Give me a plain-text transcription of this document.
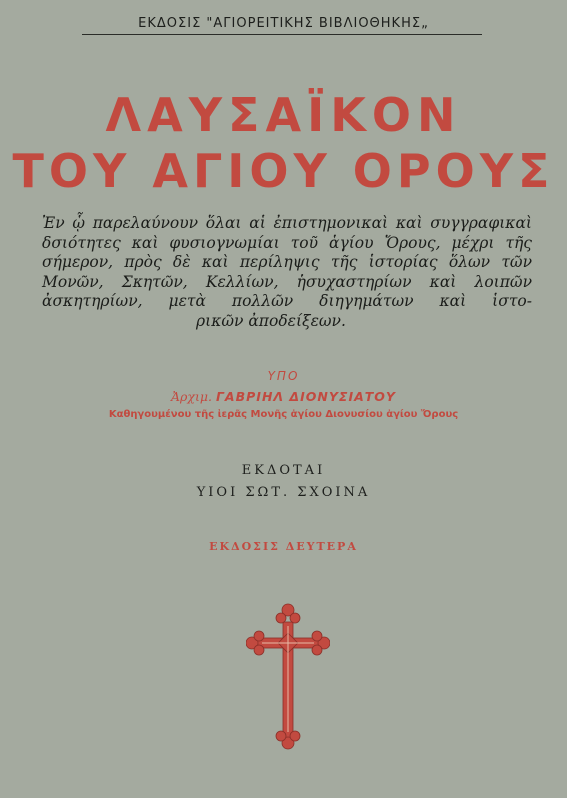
ΕΚΔΟΣΙΣ "ΑΓΙΟΡΕΙΤΙΚΗΣ ΒΙΒΛΙΟΘΗΚΗΣ„
ΛΑΥΣΑΪΚΟΝ
ΤΟΥ ΑΓΙΟΥ ΟΡΟΥΣ
Ἐν ᾧ παρελαύνουν ὅλαι αἱ ἐπιστημονικαὶ καὶ συγγραφικαὶ
δσιότητες καὶ φυσιογνωμίαι τοῦ ἁγίου Ὄρους, μέχρι τῆς
σήμερον, πρὸς δὲ καὶ περίληψις τῆς ἱστορίας ὅλων τῶν
Μονῶν, Σκητῶν, Κελλίων, ἡσυχαστηρίων καὶ λοιπῶν
ἀσκητηρίων, μετὰ πολλῶν διηγημάτων καὶ ἱστο-
ρικῶν ἀποδείξεων.
ΥΠΟ
Ἀρχιμ. ΓΑΒΡΙΗΛ ΔΙΟΝΥΣΙΑΤΟΥ
Καθηγουμένου τῆς ἱερᾶς Μονῆς ἁγίου Διονυσίου ἁγίου Ὄρους
ΕΚΔΟΤΑΙ
ΥΙΟΙ ΣΩΤ. ΣΧΟΙΝΑ
ΕΚΔΟΣΙΣ ΔΕΥΤΕΡΑ
